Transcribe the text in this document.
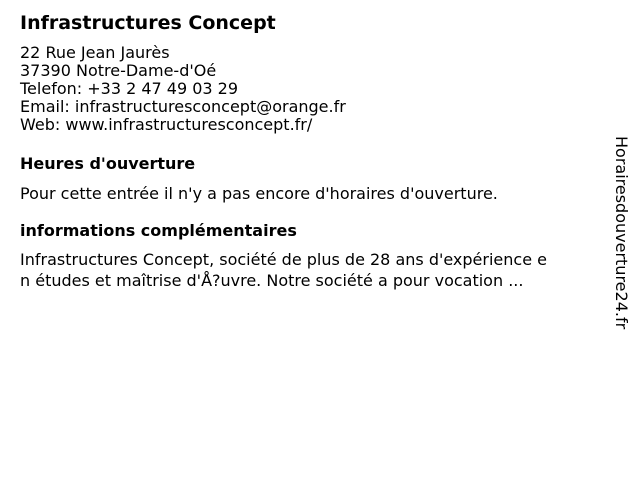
Infrastructures Concept
22 Rue Jean Jaurès
37390 Notre-Dame-d'Oé
Telefon: +33 2 47 49 03 29
Email: infrastructuresconcept@orange.fr
Web: www.infrastructuresconcept.fr/
Heures d'ouverture
Pour cette entrée il n'y a pas encore d'horaires d'ouverture.
informations complémentaires
Infrastructures Concept, société de plus de 28 ans d'expérience e
n études et maîtrise d'Å?uvre. Notre société a pour vocation ...	Horairesdouverture24.fr
